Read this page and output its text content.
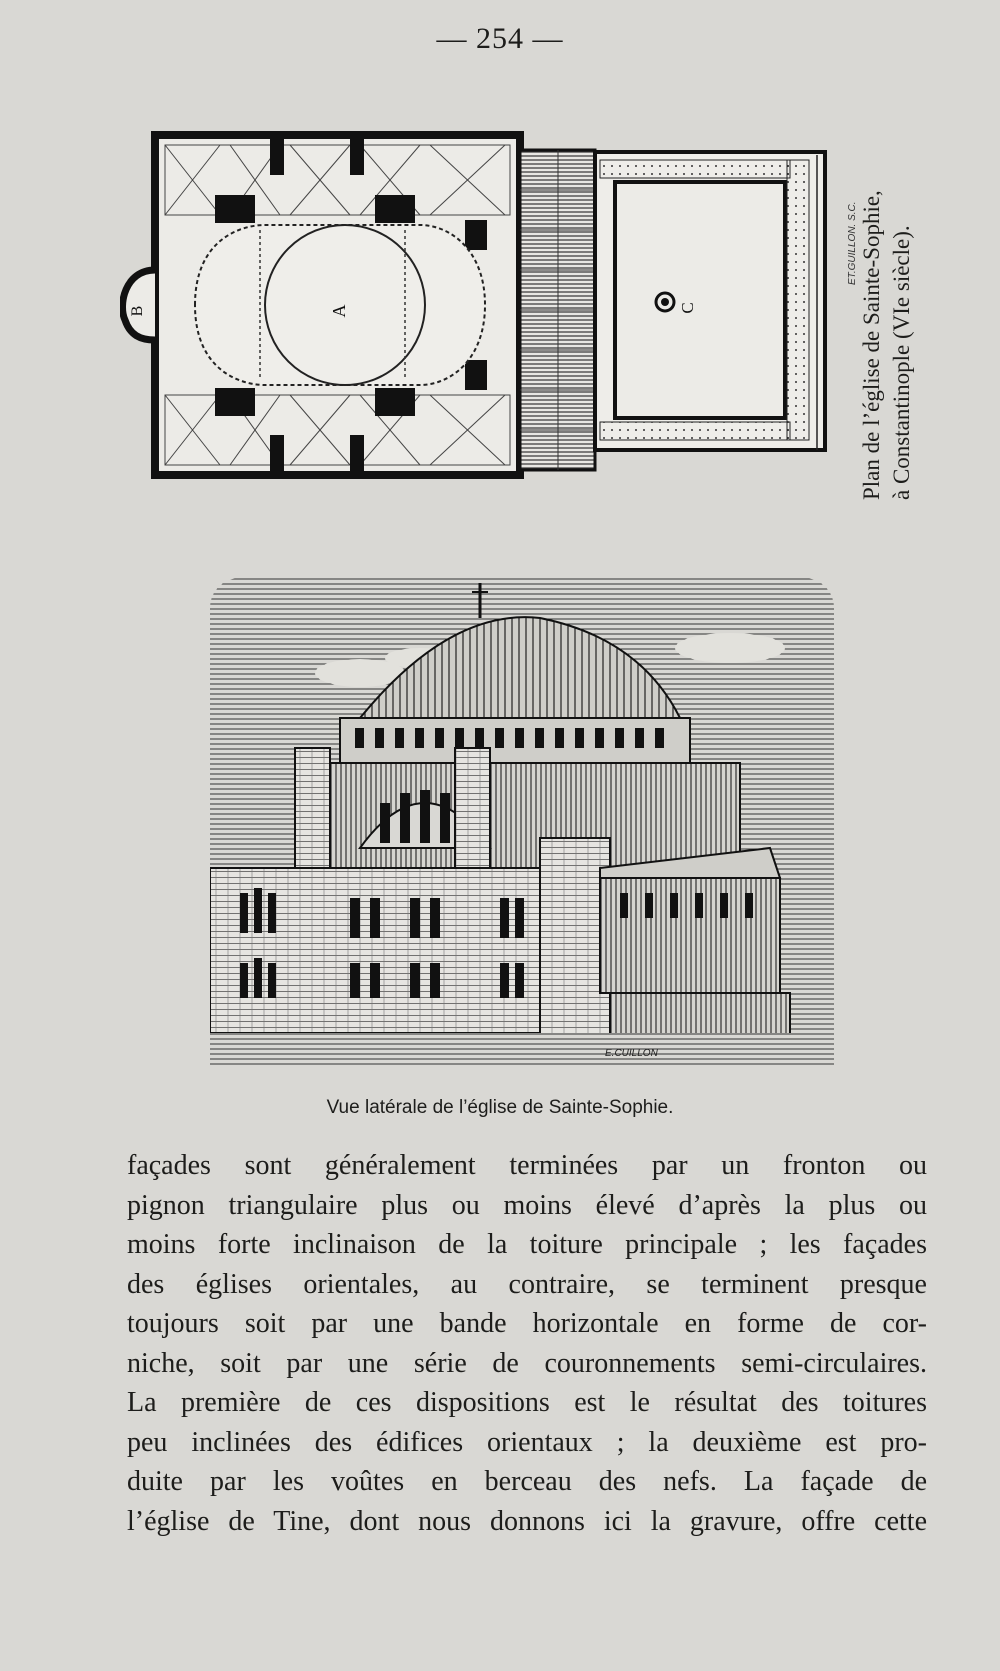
— 254 —
B	A	C
ET.GUILLON. S.C. Plan de l’église de Sainte-Sophie, à Constantinople (VIe siècle).
E.CUILLON
Vue latérale de l’église de Sainte-Sophie.
façades sont généralement terminées par un fronton ou
pignon triangulaire plus ou moins élevé d’après la plus ou
moins forte inclinaison de la toiture principale ; les façades
des églises orientales, au contraire, se terminent presque
toujours soit par une bande horizontale en forme de cor-
niche, soit par une série de couronnements semi-circulaires.
La première de ces dispositions est le résultat des toitures
peu inclinées des édifices orientaux ; la deuxième est pro-
duite par les voûtes en berceau des nefs. La façade de
l’église de Tine, dont nous donnons ici la gravure, offre cette
